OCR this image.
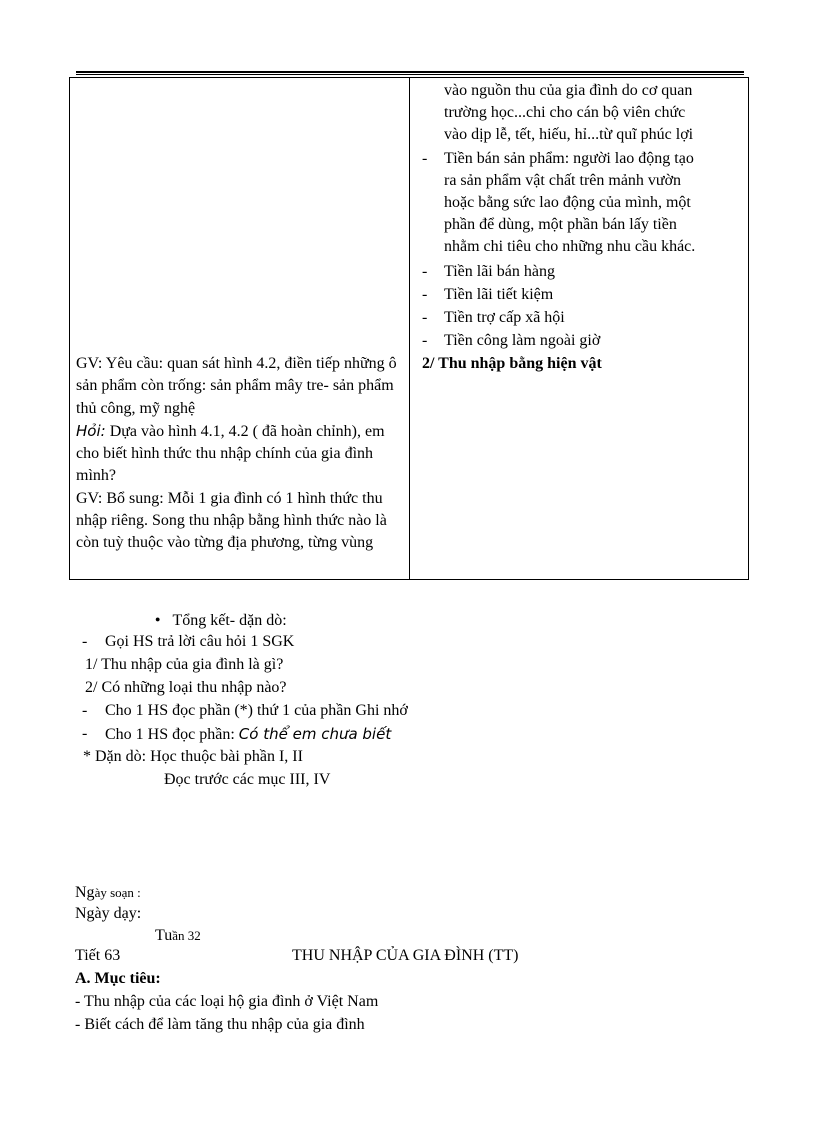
GV: Yêu cầu: quan sát hình 4.2, điền tiếp những ô sản phẩm còn trống: sản phẩm mây tre- sản phẩm thủ công, mỹ nghệ

Hỏi: Dựa vào hình 4.1, 4.2 ( đã hoàn chỉnh), em cho biết hình thức thu nhập chính của gia đình mình?

GV: Bổ sung: Mỗi 1 gia đình có 1 hình thức thu nhập riêng. Song thu nhập bằng hình thức nào là còn tuỳ thuộc vào từng địa phương, từng vùng

vào nguồn thu của gia đình do cơ quan
trường học...chi cho cán bộ viên chức
vào dịp lễ, tết, hiếu, hỉ...từ quĩ phúc lợi
- Tiền bán sản phẩm: người lao động tạo
ra sản phẩm vật chất trên mảnh vườn
hoặc bằng sức lao động của mình, một
phần để dùng, một phần bán lấy tiền
nhằm chi tiêu cho những nhu cầu khác.
- Tiền lãi bán hàng
- Tiền lãi tiết kiệm
- Tiền trợ cấp xã hội
- Tiền công làm ngoài giờ
2/ Thu nhập bằng hiện vật
● Tổng kết- dặn dò:
- Gọi HS trả lời câu hỏi 1 SGK
1/ Thu nhập của gia đình là gì?
2/ Có những loại thu nhập nào?
- Cho 1 HS đọc phần (*) thứ 1 của phần Ghi nhớ
- Cho 1 HS đọc phần: Có thể em chưa biết
* Dặn dò: Học thuộc bài phần I, II
Đọc trước các mục III, IV
Ngày soạn :
Ngày dạy:
Tuần 32
Tiết 63	THU NHẬP CỦA GIA ĐÌNH (TT)
A. Mục tiêu:
- Thu nhập của các loại hộ gia đình ở Việt Nam
- Biết cách để làm tăng thu nhập của gia đình
